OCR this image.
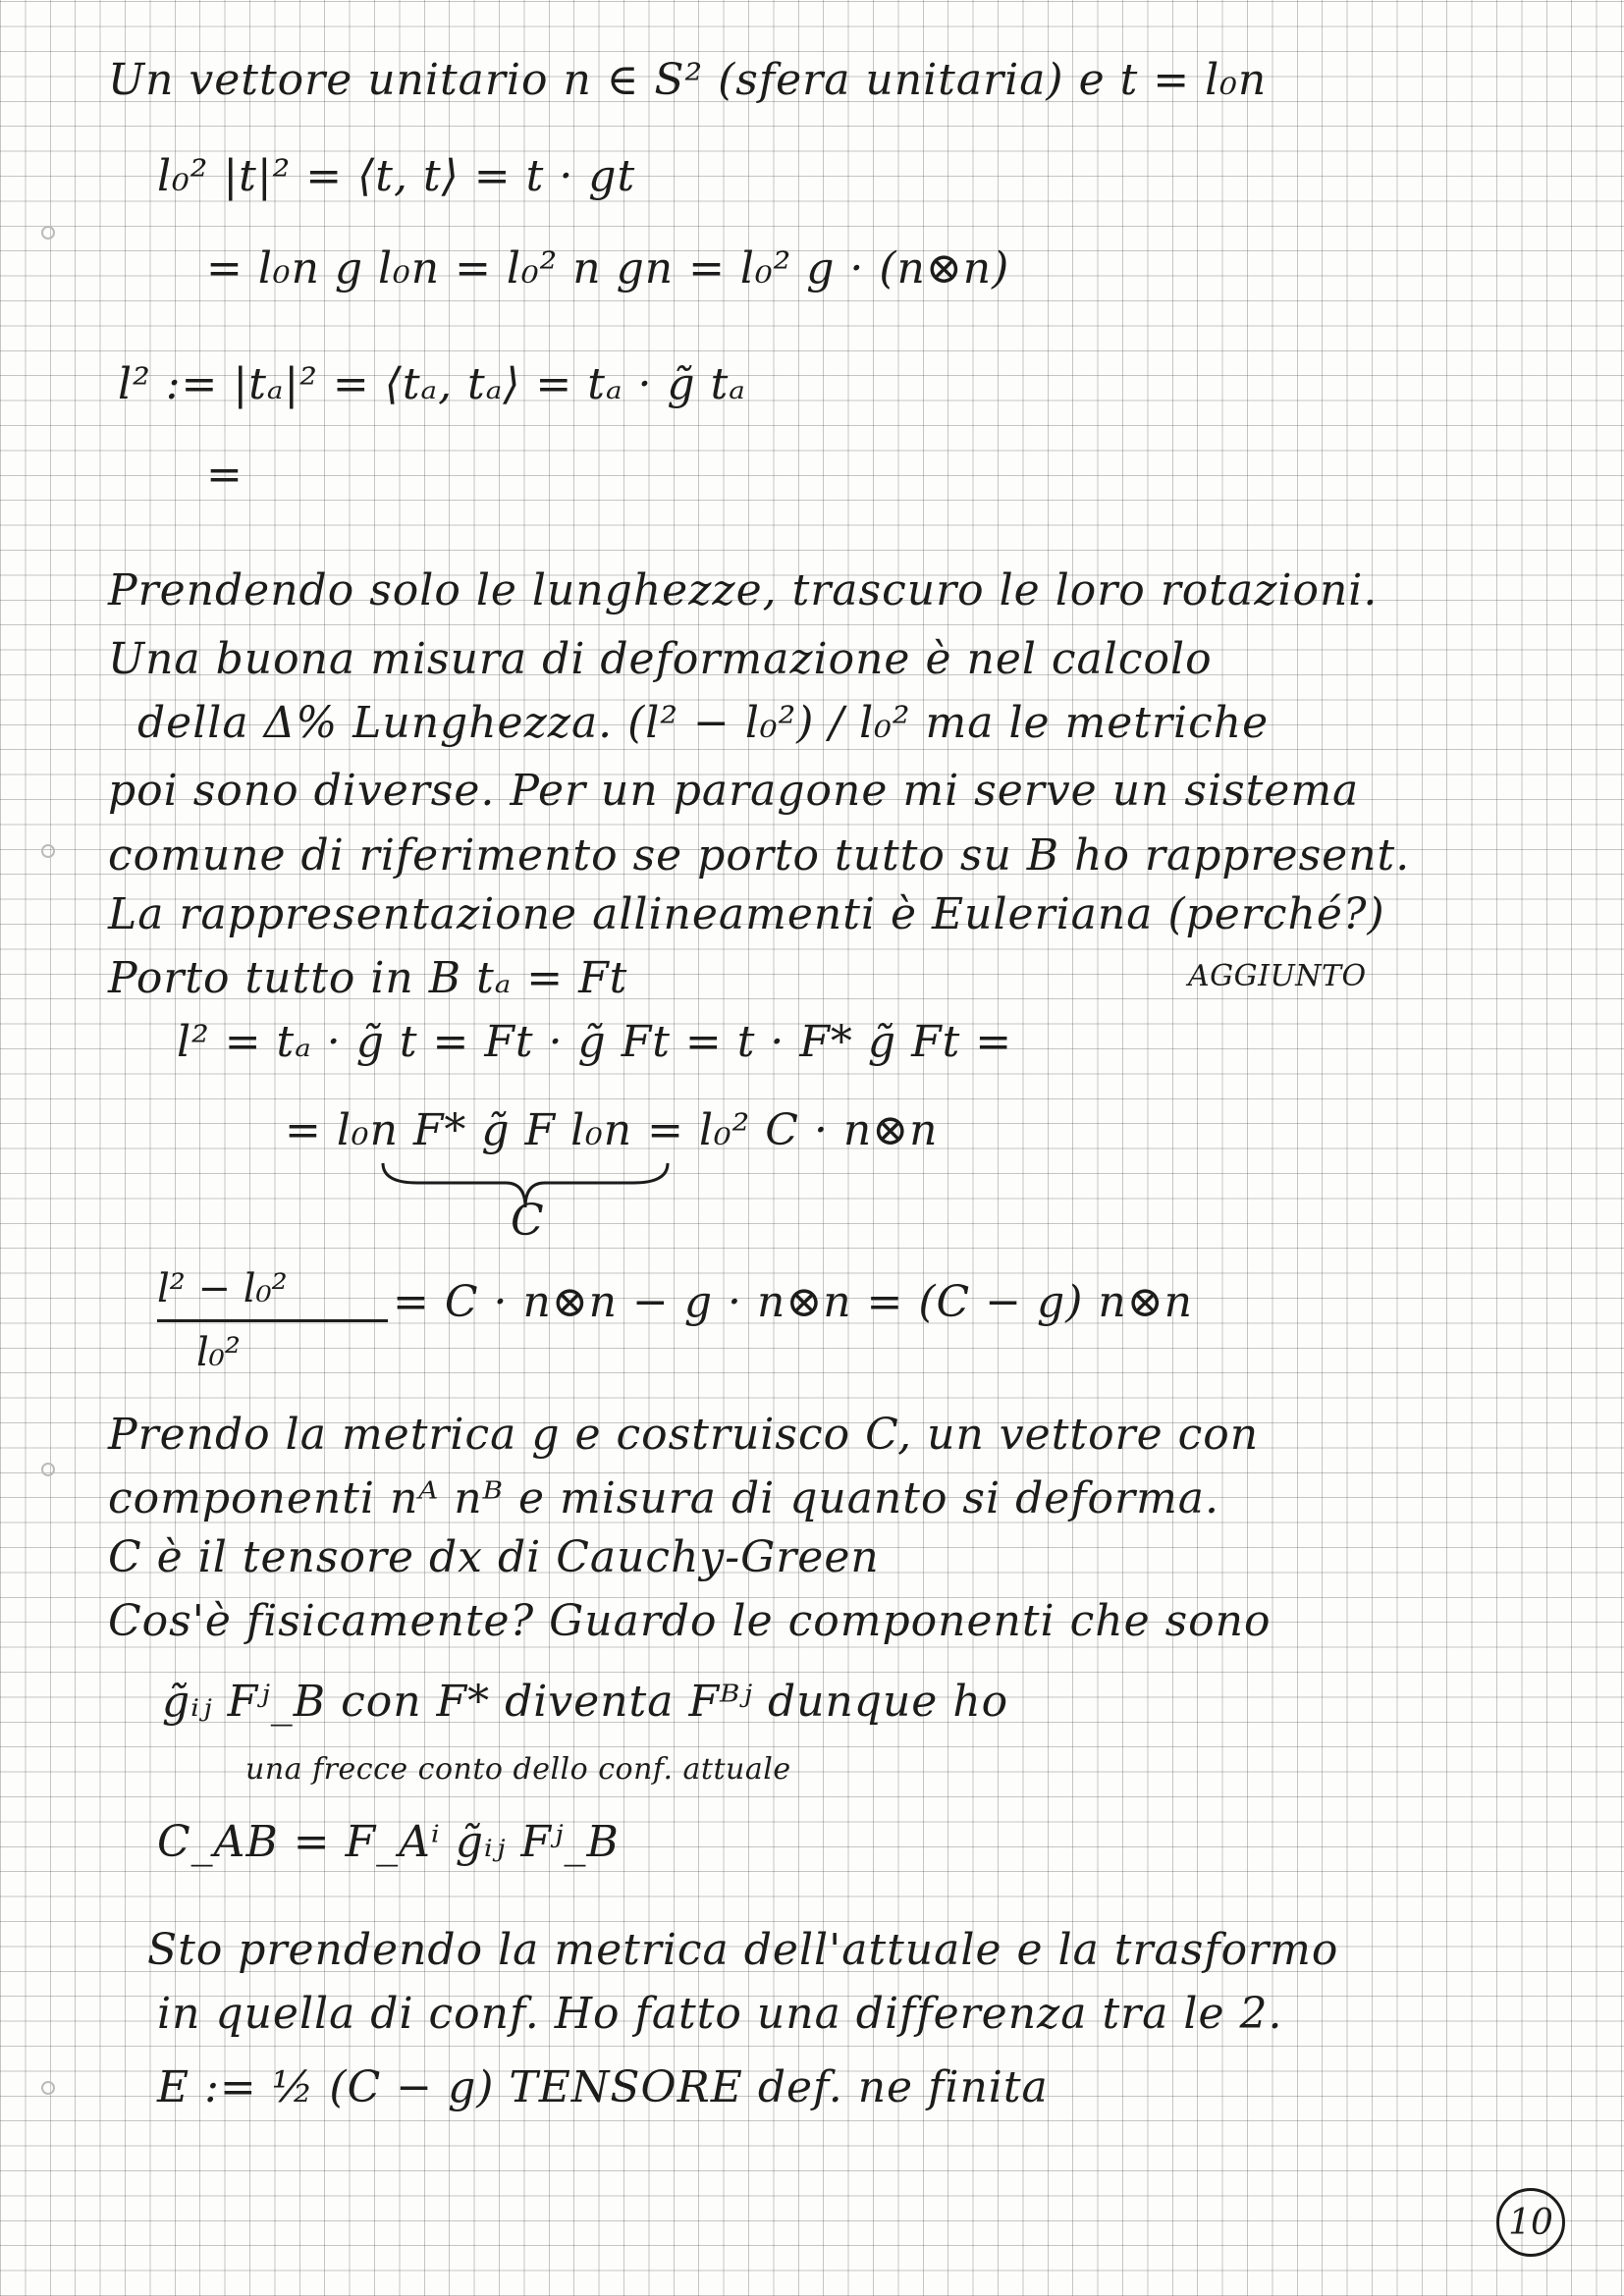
Un vettore unitario n ∈ S² (sfera unitaria) e t = l₀n
l₀² |t|² = ⟨t, t⟩ = t · gt
= l₀n g l₀n = l₀² n gn = l₀² g · (n⊗n)
l² := |tₐ|² = ⟨tₐ, tₐ⟩ = tₐ · g̃ tₐ
=
Prendendo solo le lunghezze, trascuro le loro rotazioni.
Una buona misura di deformazione è nel calcolo
della Δ% Lunghezza. (l² − l₀²) / l₀² ma le metriche
poi sono diverse. Per un paragone mi serve un sistema
comune di riferimento se porto tutto su B ho rappresent.
La rappresentazione allineamenti è Euleriana (perché?)
Porto tutto in B tₐ = Ft	AGGIUNTO
l² = tₐ · g̃ t = Ft · g̃ Ft = t · F* g̃ Ft =
= l₀n F* g̃ F l₀n = l₀² C · n⊗n
C
l² − l₀²
l₀²
= C · n⊗n − g · n⊗n = (C − g) n⊗n
Prendo la metrica g e costruisco C, un vettore con
componenti nᴬ nᴮ e misura di quanto si deforma.
C è il tensore dx di Cauchy-Green
Cos'è fisicamente? Guardo le componenti che sono
g̃ᵢⱼ Fʲ_B con F* diventa Fᴮʲ dunque ho
una frecce conto dello conf. attuale
C_AB = F_Aⁱ g̃ᵢⱼ Fʲ_B
Sto prendendo la metrica dell'attuale e la trasformo
in quella di conf. Ho fatto una differenza tra le 2.
E := ½ (C − g) TENSORE def. ne finita
10
